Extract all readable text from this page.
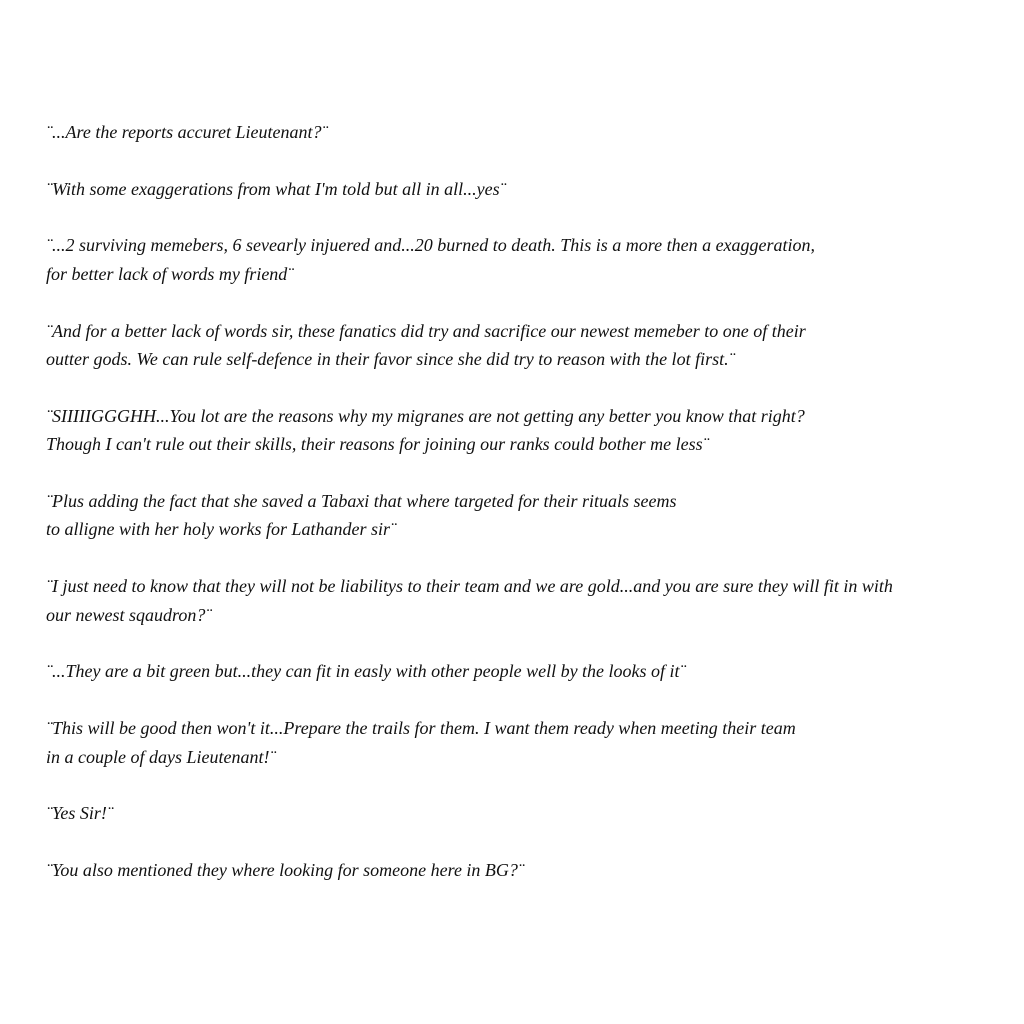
¨...Are the reports accuret Lieutenant?¨

¨With some exaggerations from what I'm told but all in all...yes¨

¨...2 surviving memebers, 6 sevearly injuered and...20 burned to death. This is a more then a exaggeration,
for better lack of words my friend¨

¨And for a better lack of words sir, these fanatics did try and sacrifice our newest memeber to one of their
outter gods. We can rule self-defence in their favor since she did try to reason with the lot first.¨

¨SIIIIIGGGHH...You lot are the reasons why my migranes are not getting any better you know that right?
Though I can't rule out their skills, their reasons for joining our ranks could bother me less¨

¨Plus adding the fact that she saved a Tabaxi that where targeted for their rituals seems
to alligne with her holy works for Lathander sir¨

¨I just need to know that they will not be liabilitys to their team and we are gold...and you are sure they will fit in with
our newest sqaudron?¨

¨...They are a bit green but...they can fit in easly with other people well by the looks of it¨

¨This will be good then won't it...Prepare the trails for them. I want them ready when meeting their team
in a couple of days Lieutenant!¨

¨Yes Sir!¨

¨You also mentioned they where looking for someone here in BG?¨
